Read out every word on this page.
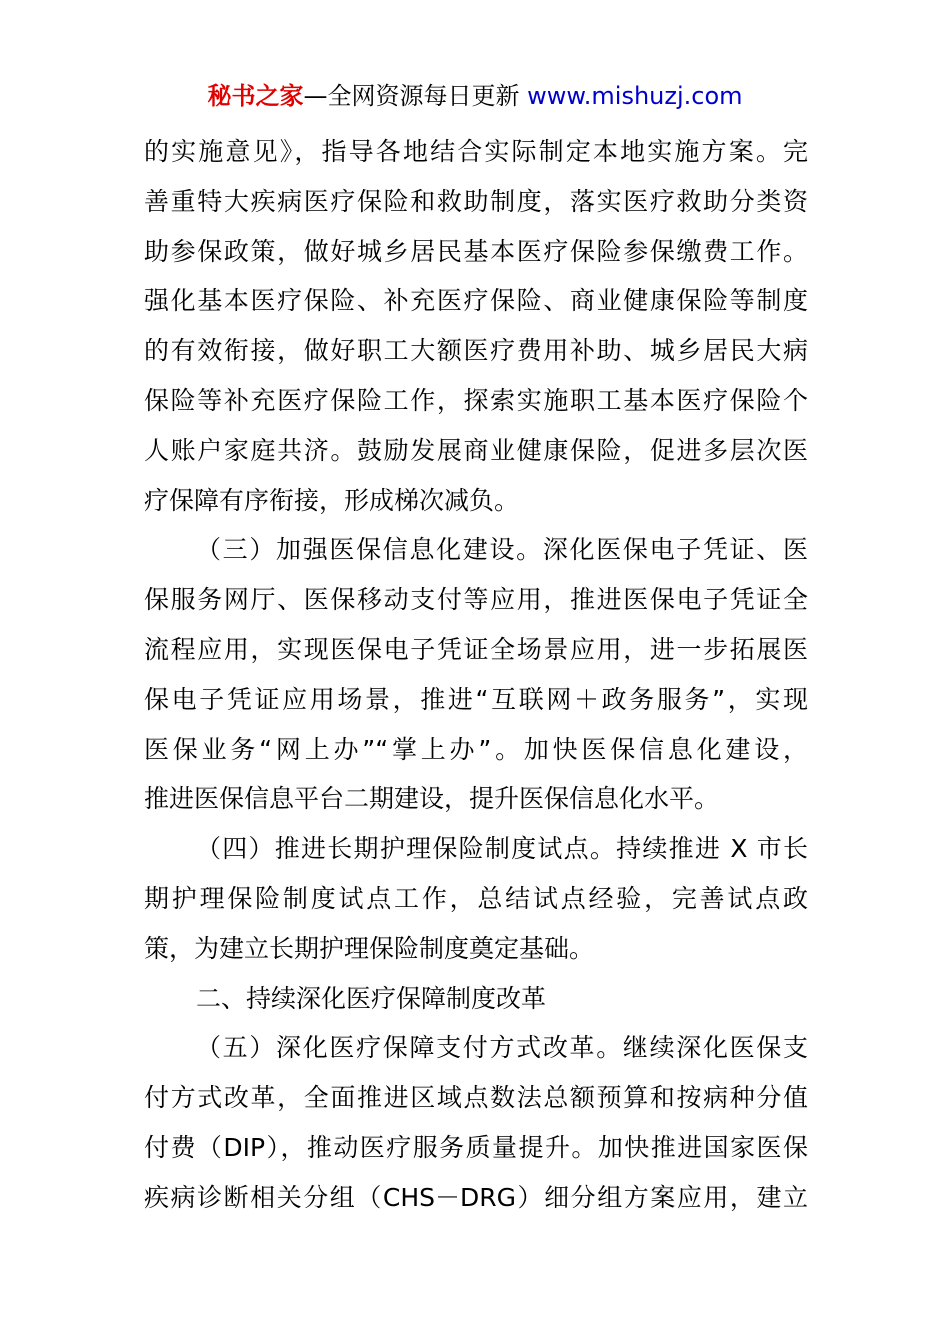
秘书之家—全网资源每日更新 www.mishuzj.com
的实施意见》，指导各地结合实际制定本地实施方案。完
善重特大疾病医疗保险和救助制度，落实医疗救助分类资
助参保政策，做好城乡居民基本医疗保险参保缴费工作。
强化基本医疗保险、补充医疗保险、商业健康保险等制度
的有效衔接，做好职工大额医疗费用补助、城乡居民大病
保险等补充医疗保险工作，探索实施职工基本医疗保险个
人账户家庭共济。鼓励发展商业健康保险，促进多层次医
疗保障有序衔接，形成梯次减负。
（三）加强医保信息化建设。深化医保电子凭证、医
保服务网厅、医保移动支付等应用，推进医保电子凭证全
流程应用，实现医保电子凭证全场景应用，进一步拓展医
保电子凭证应用场景，推进“互联网＋政务服务”，实现
医保业务“网上办”“掌上办”。加快医保信息化建设，
推进医保信息平台二期建设，提升医保信息化水平。
（四）推进长期护理保险制度试点。持续推进 X 市长
期护理保险制度试点工作，总结试点经验，完善试点政
策，为建立长期护理保险制度奠定基础。
二、持续深化医疗保障制度改革
（五）深化医疗保障支付方式改革。继续深化医保支
付方式改革，全面推进区域点数法总额预算和按病种分值
付费（DIP），推动医疗服务质量提升。加快推进国家医保
疾病诊断相关分组（CHS－DRG）细分组方案应用，建立
